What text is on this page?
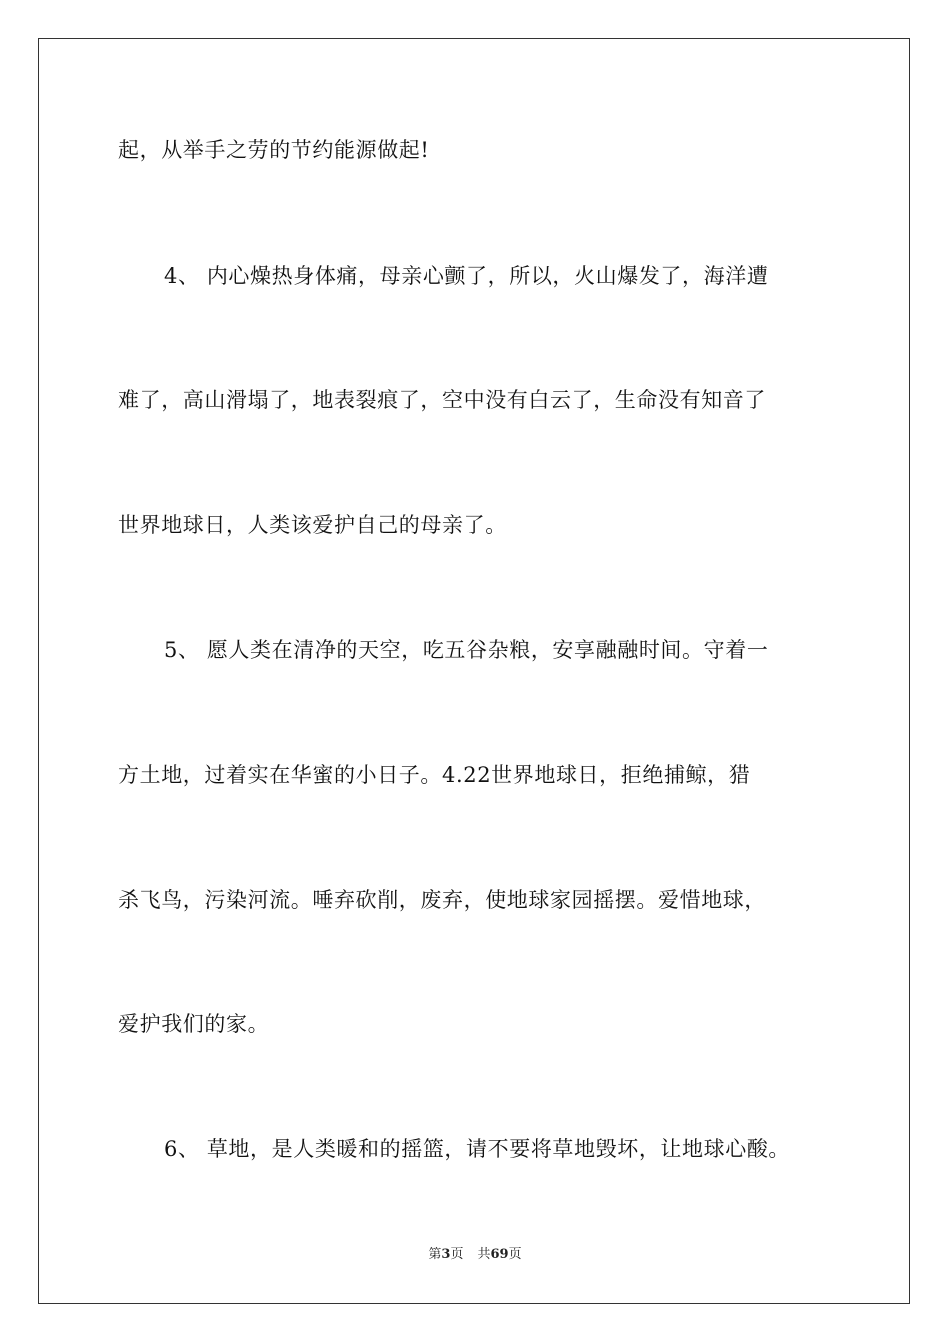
起，从举手之劳的节约能源做起!
4、 内心燥热身体痛，母亲心颤了，所以，火山爆发了，海洋遭
难了，高山滑塌了，地表裂痕了，空中没有白云了，生命没有知音了
世界地球日，人类该爱护自己的母亲了。
5、 愿人类在清净的天空，吃五谷杂粮，安享融融时间。守着一
方土地，过着实在华蜜的小日子。4.22世界地球日，拒绝捕鲸，猎
杀飞鸟，污染河流。唾弃砍削，废弃，使地球家园摇摆。爱惜地球，
爱护我们的家。
6、 草地，是人类暖和的摇篮，请不要将草地毁坏，让地球心酸。
第3页 共69页
